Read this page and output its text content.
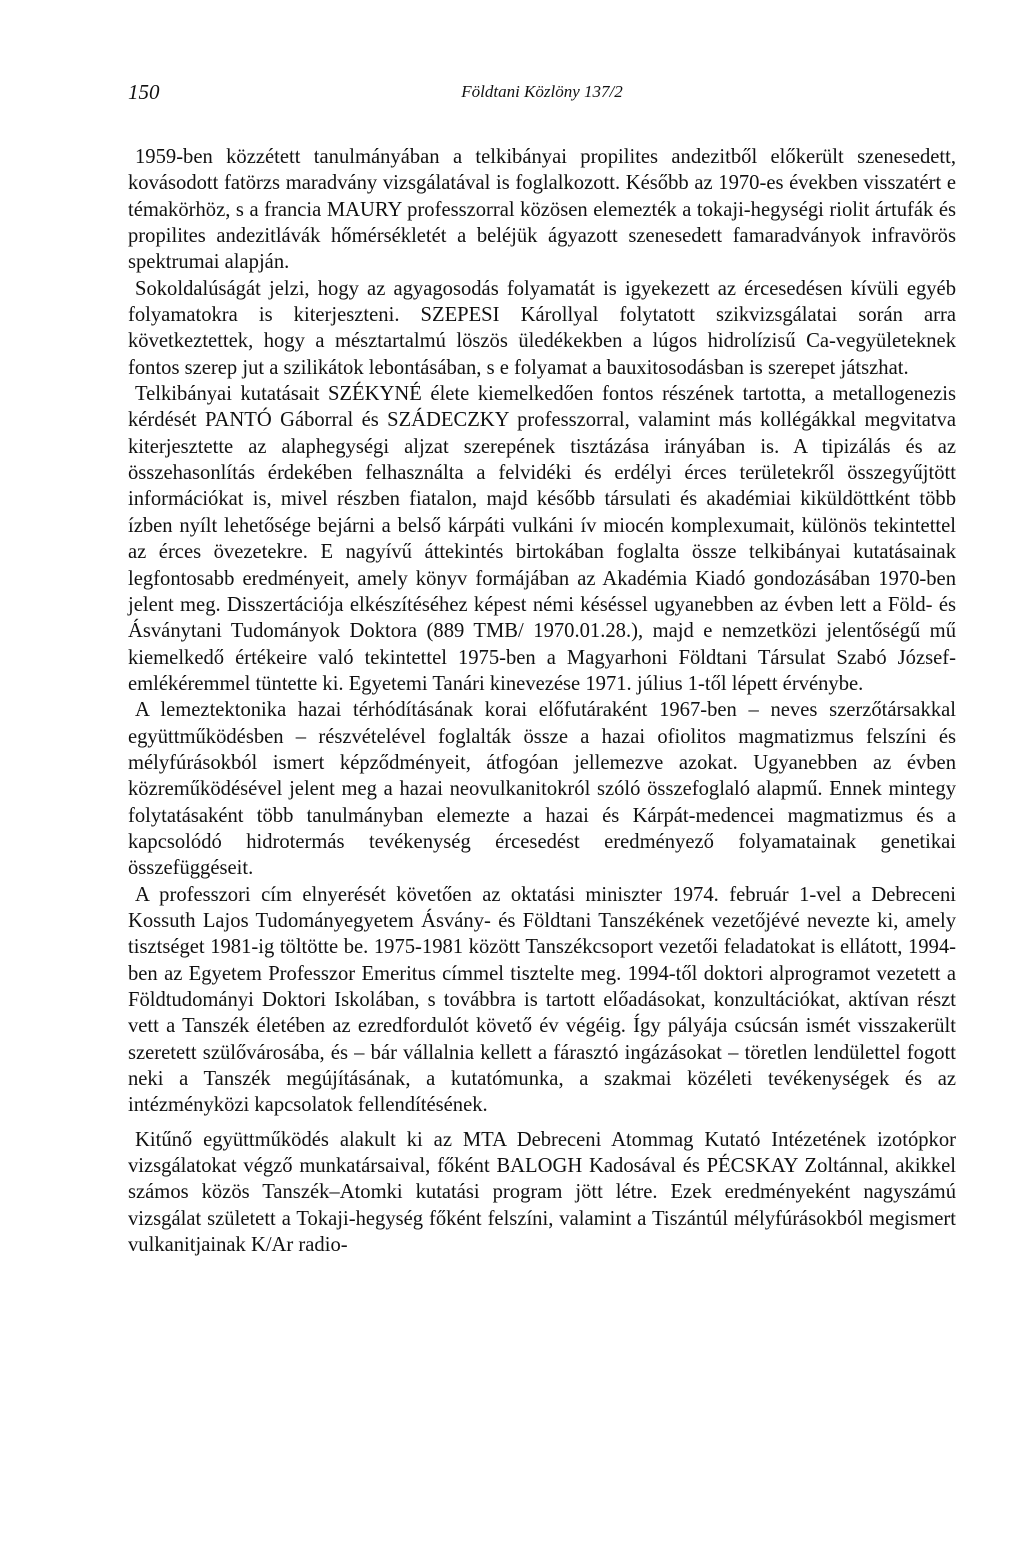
150	Földtani Közlöny 137/2

1959-ben közzétett tanulmányában a telkibányai propilites andezitből előkerült szenesedett, kovásodott fatörzs maradvány vizsgálatával is foglalkozott. Később az 1970-es években visszatért e témakörhöz, s a francia MAURY professzorral közösen elemezték a tokaji-hegységi riolit ártufák és propilites andezitlávák hőmérsékletét a beléjük ágyazott szenesedett famaradványok infravörös spektrumai alapján.

Sokoldalúságát jelzi, hogy az agyagosodás folyamatát is igyekezett az ércesedésen kívüli egyéb folyamatokra is kiterjeszteni. SZEPESI Károllyal folytatott szikvizsgálatai során arra következtettek, hogy a mésztartalmú löszös üledékekben a lúgos hidrolízisű Ca-vegyületeknek fontos szerep jut a szilikátok lebontásában, s e folyamat a bauxitosodásban is szerepet játszhat.

Telkibányai kutatásait SZÉKYNÉ élete kiemelkedően fontos részének tartotta, a metallogenezis kérdését PANTÓ Gáborral és SZÁDECZKY professzorral, valamint más kollégákkal megvitatva kiterjesztette az alaphegységi aljzat szerepének tisztázása irányában is. A tipizálás és az összehasonlítás érdekében felhasználta a felvidéki és erdélyi érces területekről összegyűjtött információkat is, mivel részben fiatalon, majd később társulati és akadémiai kiküldöttként több ízben nyílt lehetősége bejárni a belső kárpáti vulkáni ív miocén komplexumait, különös tekintettel az érces övezetekre. E nagyívű áttekintés birtokában foglalta össze telkibányai kutatásainak legfontosabb eredményeit, amely könyv formájában az Akadémia Kiadó gondozásában 1970-ben jelent meg. Disszertációja elkészítéséhez képest némi késéssel ugyanebben az évben lett a Föld- és Ásványtani Tudományok Doktora (889 TMB/ 1970.01.28.), majd e nemzetközi jelentőségű mű kiemelkedő értékeire való tekintettel 1975-ben a Magyarhoni Földtani Társulat Szabó József-emlékéremmel tüntette ki. Egyetemi Tanári kinevezése 1971. július 1-től lépett érvénybe.

A lemeztektonika hazai térhódításának korai előfutáraként 1967-ben – neves szerzőtársakkal együttműködésben – részvételével foglalták össze a hazai ofiolitos magmatizmus felszíni és mélyfúrásokból ismert képződményeit, átfogóan jellemezve azokat. Ugyanebben az évben közreműködésével jelent meg a hazai neovulkanitokról szóló összefoglaló alapmű. Ennek mintegy folytatásaként több tanulmányban elemezte a hazai és Kárpát-medencei magmatizmus és a kapcsolódó hidrotermás tevékenység ércesedést eredményező folyamatainak genetikai összefüggéseit.

A professzori cím elnyerését követően az oktatási miniszter 1974. február 1-vel a Debreceni Kossuth Lajos Tudományegyetem Ásvány- és Földtani Tanszékének vezetőjévé nevezte ki, amely tisztséget 1981-ig töltötte be. 1975-1981 között Tanszékcsoport vezetői feladatokat is ellátott, 1994-ben az Egyetem Professzor Emeritus címmel tisztelte meg. 1994-től doktori alprogramot vezetett a Földtudományi Doktori Iskolában, s továbbra is tartott előadásokat, konzultációkat, aktívan részt vett a Tanszék életében az ezredfordulót követő év végéig. Így pályája csúcsán ismét visszakerült szeretett szülővárosába, és – bár vállalnia kellett a fárasztó ingázásokat – töretlen lendülettel fogott neki a Tanszék megújításának, a kutatómunka, a szakmai közéleti tevékenységek és az intézményközi kapcsolatok fellendítésének.

Kitűnő együttműködés alakult ki az MTA Debreceni Atommag Kutató Intézetének izotópkor vizsgálatokat végző munkatársaival, főként BALOGH Kadosával és PÉCSKAY Zoltánnal, akikkel számos közös Tanszék–Atomki kutatási program jött létre. Ezek eredményeként nagyszámú vizsgálat született a Tokaji-hegység főként felszíni, valamint a Tiszántúl mélyfúrásokból megismert vulkanitjainak K/Ar radio-
